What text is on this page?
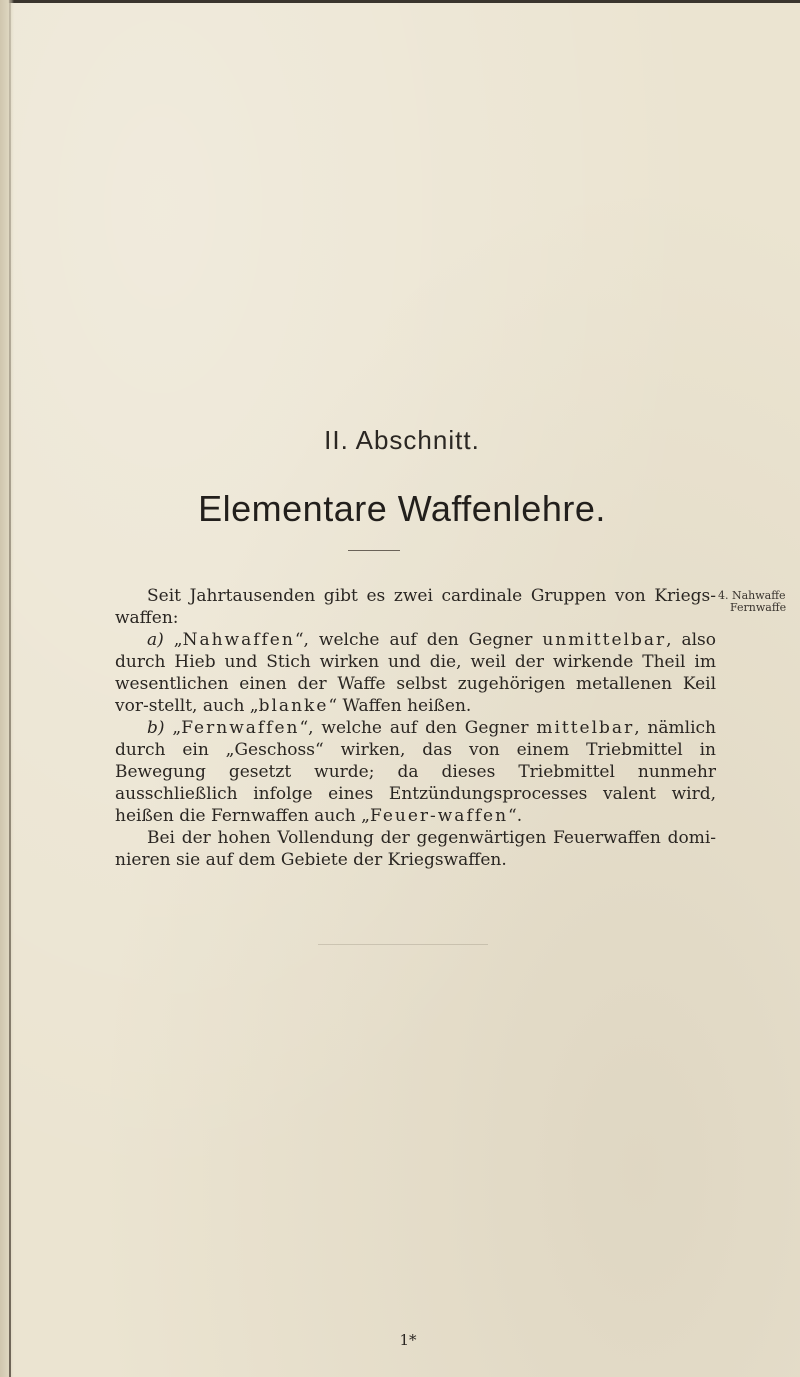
II. Abschnitt.
Elementare Waffenlehre.

Seit Jahrtausenden gibt es zwei cardinale Gruppen von Kriegs-waffen:

a) „Nahwaffen“, welche auf den Gegner unmittelbar, also durch Hieb und Stich wirken und die, weil der wirkende Theil im wesentlichen einen der Waffe selbst zugehörigen metallenen Keil vor-stellt, auch „blanke“ Waffen heißen.

b) „Fernwaffen“, welche auf den Gegner mittelbar, nämlich durch ein „Geschoss“ wirken, das von einem Triebmittel in Bewegung gesetzt wurde; da dieses Triebmittel nunmehr ausschließlich infolge eines Entzündungsprocesses valent wird, heißen die Fernwaffen auch „Feuer-waffen“.

Bei der hohen Vollendung der gegenwärtigen Feuerwaffen domi-nieren sie auf dem Gebiete der Kriegswaffen.

4. Nahwaffe
Fernwaffe
1*
